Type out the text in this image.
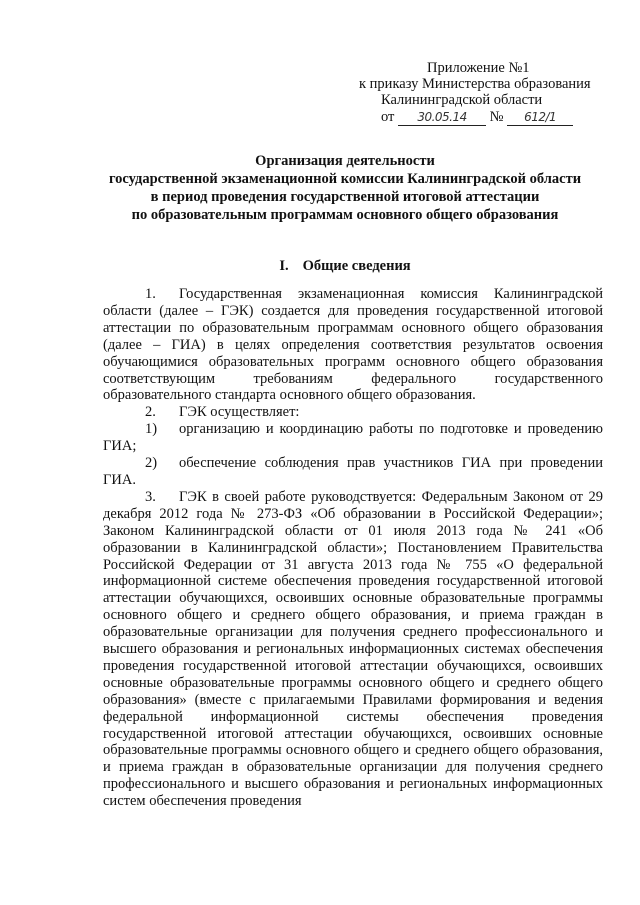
Приложение №1
к приказу Министерства образования
Калининградской области
от 30.05.14 № 612/1
Организация деятельности
государственной экзаменационной комиссии Калининградской области
в период проведения государственной итоговой аттестации
по образовательным программам основного общего образования
I. Общие сведения

1. Государственная экзаменационная комиссия Калининградской области (далее – ГЭК) создается для проведения государственной итоговой аттестации по образовательным программам основного общего образования (далее – ГИА) в целях определения соответствия результатов освоения обучающимися образовательных программ основного общего образования соответствующим требованиям федерального государственного образовательного стандарта основного общего образования.

2. ГЭК осуществляет:

1) организацию и координацию работы по подготовке и проведению ГИА;

2) обеспечение соблюдения прав участников ГИА при проведении ГИА.

3. ГЭК в своей работе руководствуется: Федеральным Законом от 29 декабря 2012 года № 273-ФЗ «Об образовании в Российской Федерации»; Законом Калининградской области от 01 июля 2013 года № 241 «Об образовании в Калининградской области»; Постановлением Правительства Российской Федерации от 31 августа 2013 года № 755 «О федеральной информационной системе обеспечения проведения государственной итоговой аттестации обучающихся, освоивших основные образовательные программы основного общего и среднего общего образования, и приема граждан в образовательные организации для получения среднего профессионального и высшего образования и региональных информационных системах обеспечения проведения государственной итоговой аттестации обучающихся, освоивших основные образовательные программы основного общего и среднего общего образования» (вместе с прилагаемыми Правилами формирования и ведения федеральной информационной системы обеспечения проведения государственной итоговой аттестации обучающихся, освоивших основные образовательные программы основного общего и среднего общего образования, и приема граждан в образовательные организации для получения среднего профессионального и высшего образования и региональных информационных систем обеспечения проведения
